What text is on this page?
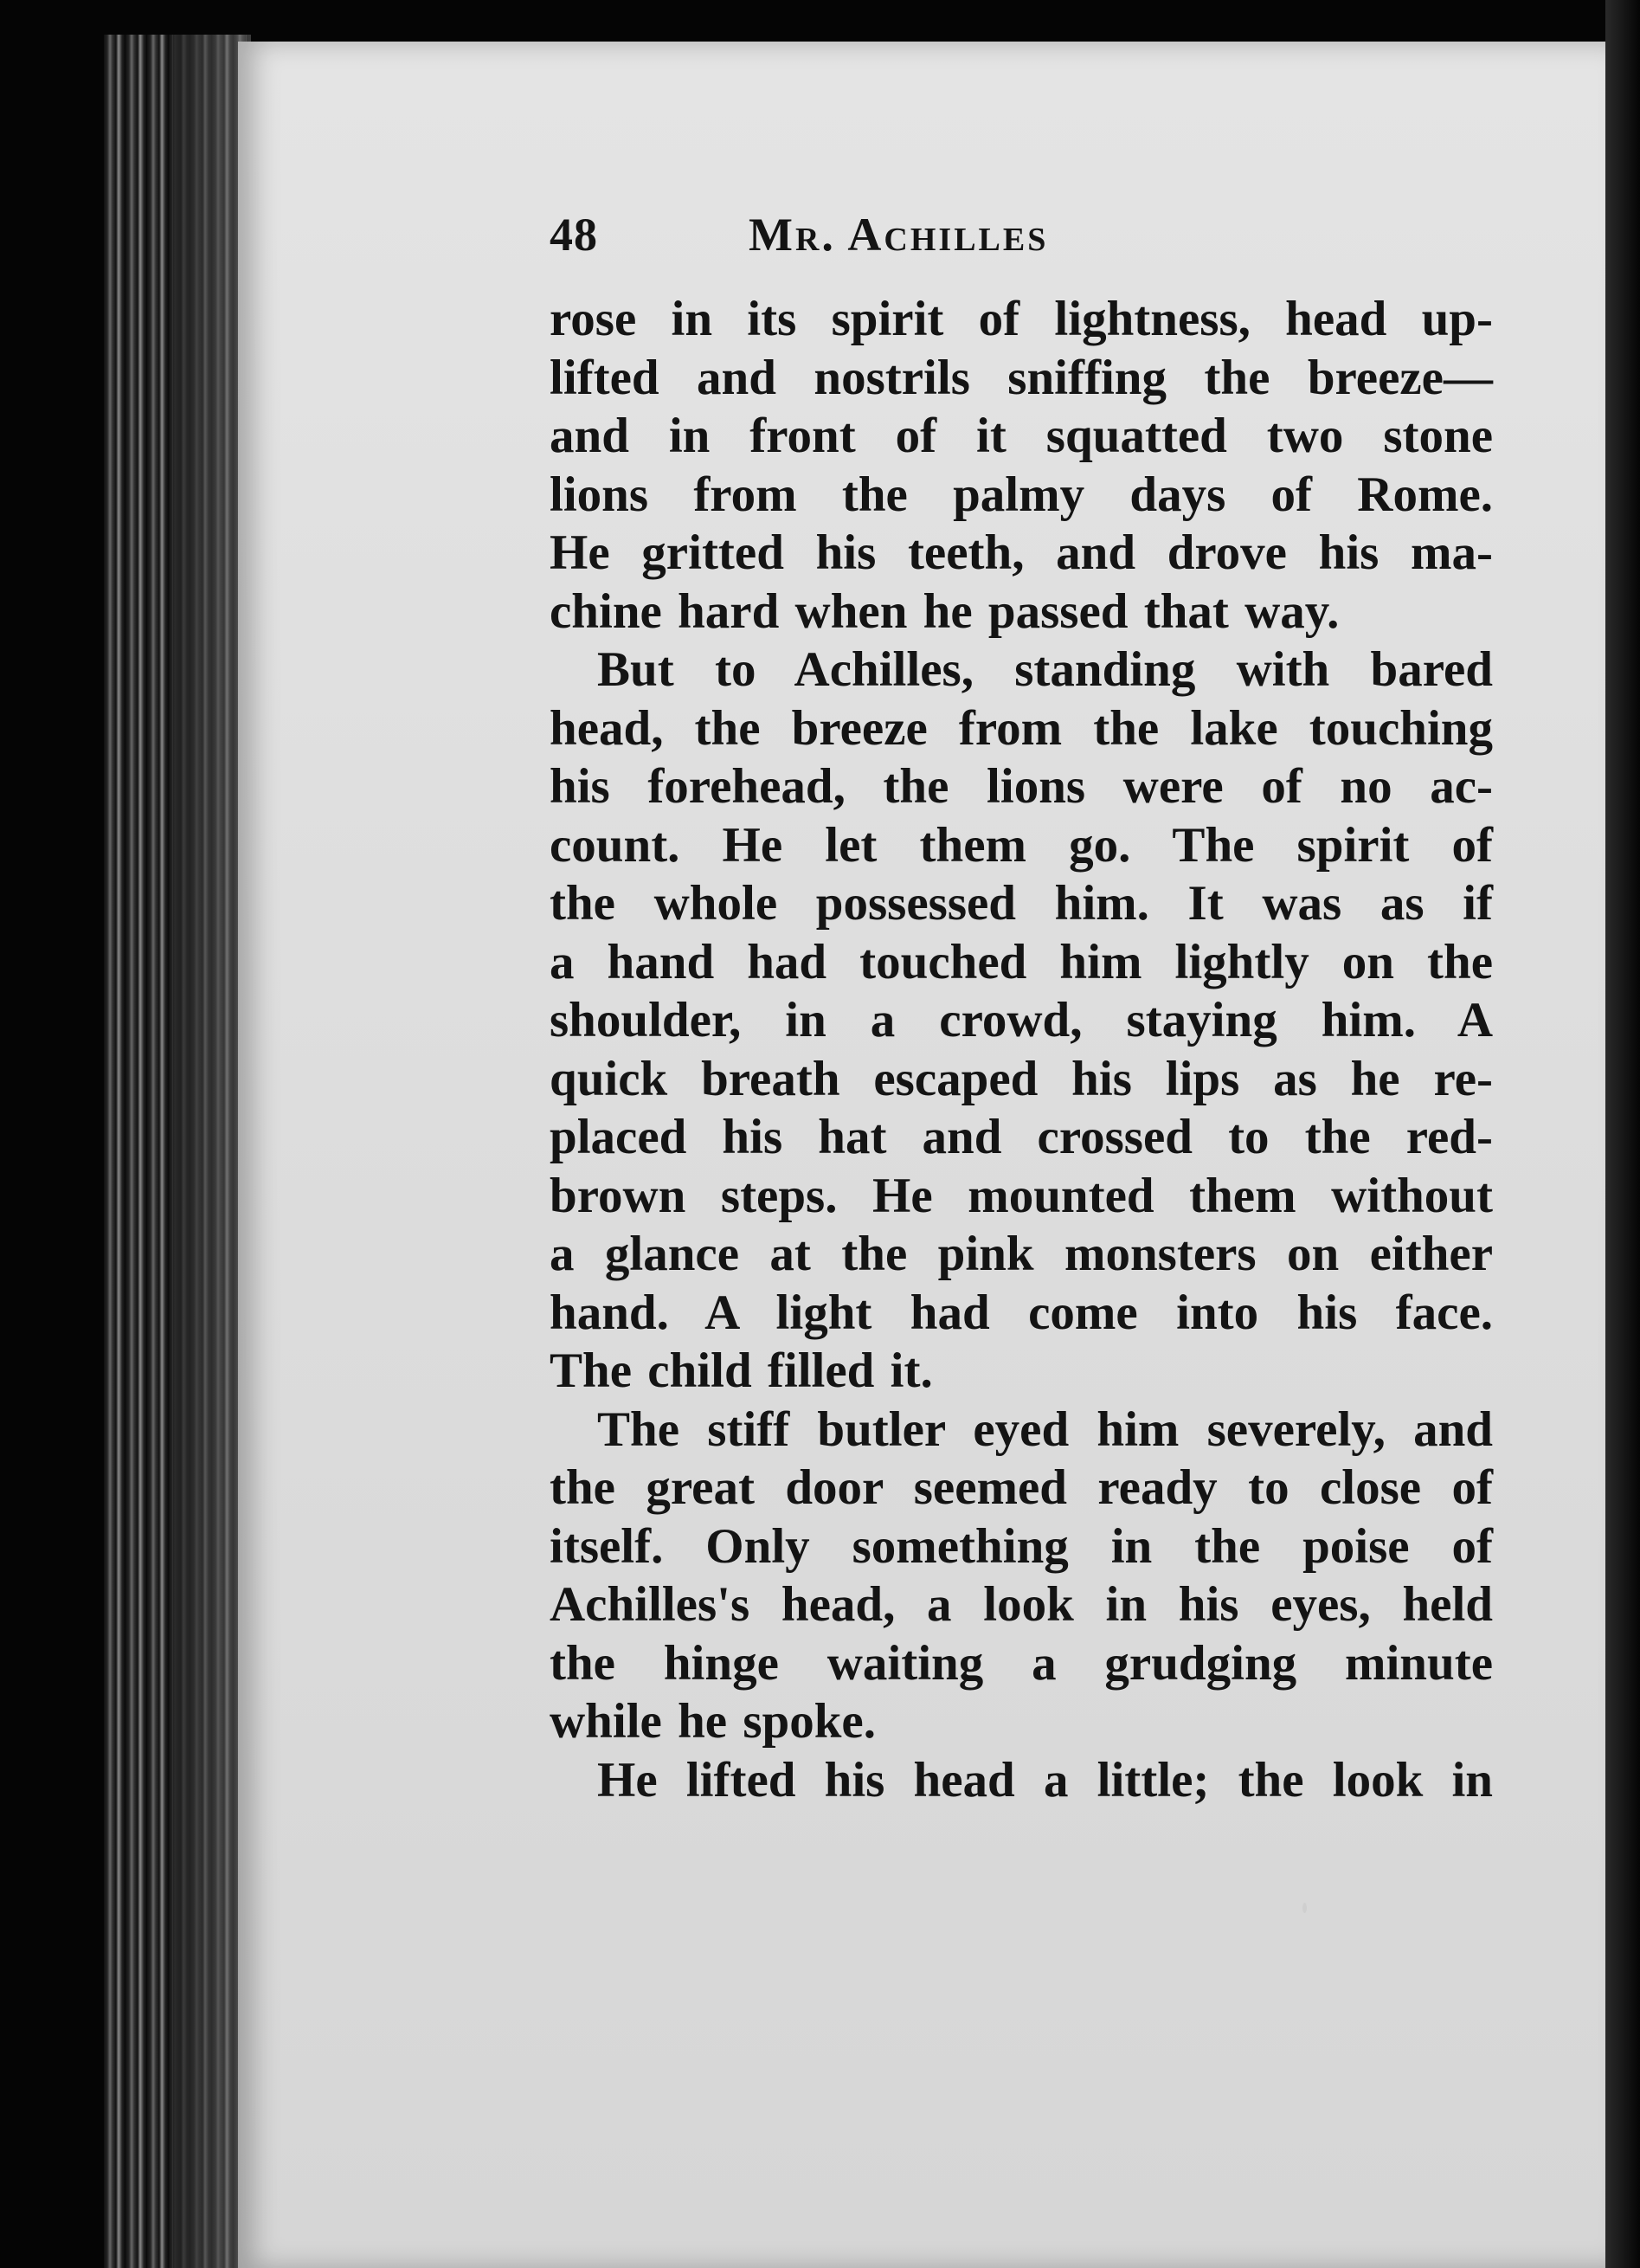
48	Mr. Achilles
rose in its spirit of lightness, head up-
lifted and nostrils sniffing the breeze—
and in front of it squatted two stone
lions from the palmy days of Rome.
He gritted his teeth, and drove his ma-
chine hard when he passed that way.
But to Achilles, standing with bared
head, the breeze from the lake touching
his forehead, the lions were of no ac-
count. He let them go. The spirit of
the whole possessed him. It was as if
a hand had touched him lightly on the
shoulder, in a crowd, staying him. A
quick breath escaped his lips as he re-
placed his hat and crossed to the red-
brown steps. He mounted them without
a glance at the pink monsters on either
hand. A light had come into his face.
The child filled it.
The stiff butler eyed him severely, and
the great door seemed ready to close of
itself. Only something in the poise of
Achilles's head, a look in his eyes, held
the hinge waiting a grudging minute
while he spoke.
He lifted his head a little; the look in
